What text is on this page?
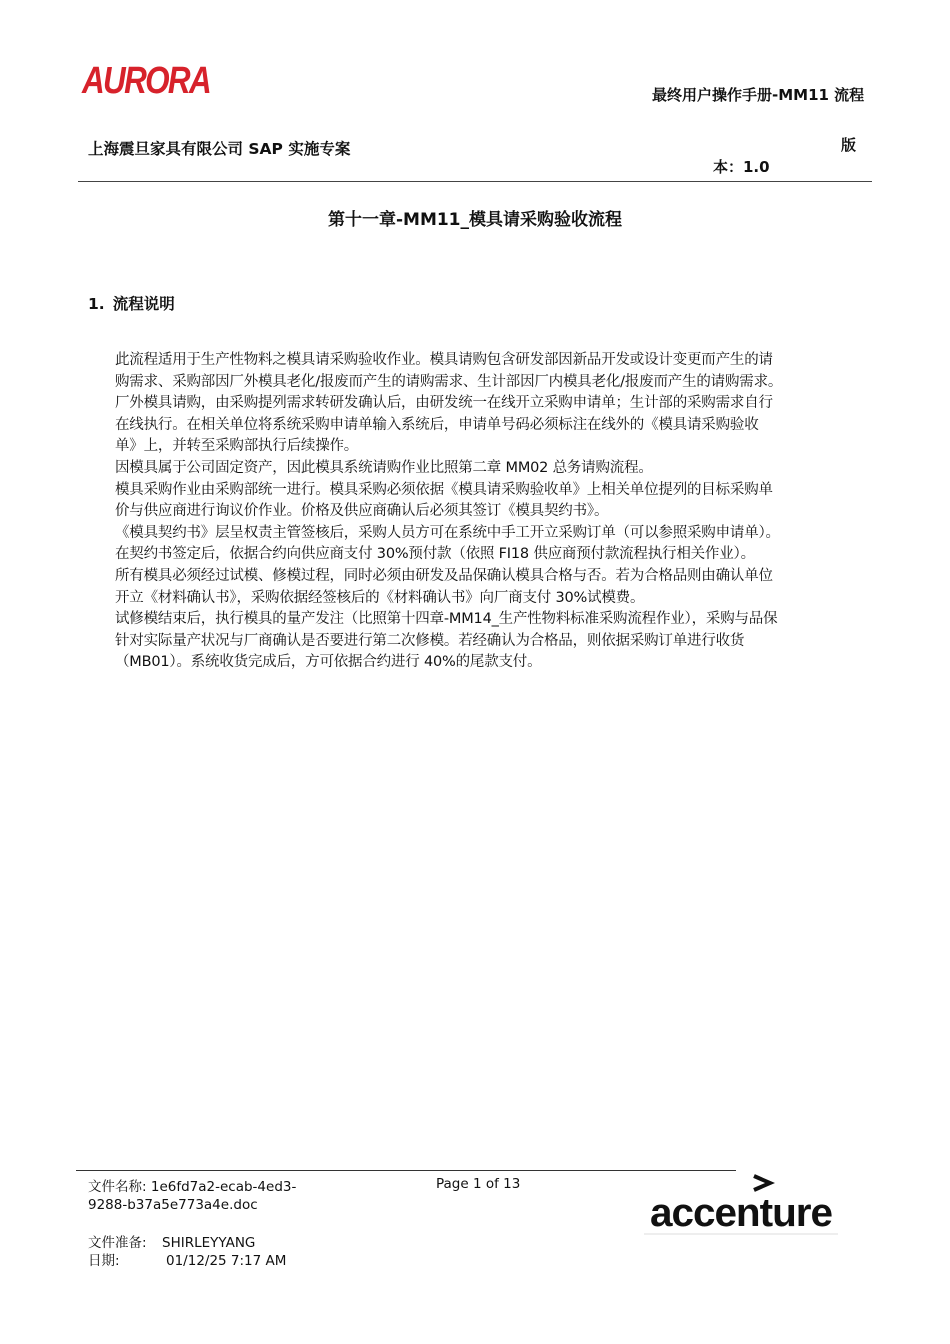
AURORA	最终用户操作手册-MM11 流程
上海震旦家具有限公司 SAP 实施专案	版
本：1.0
第十一章-MM11_模具请采购验收流程
1. 流程说明
此流程适用于生产性物料之模具请采购验收作业。模具请购包含研发部因新品开发或设计变更而产生的请
购需求、采购部因厂外模具老化/报废而产生的请购需求、生计部因厂内模具老化/报废而产生的请购需求。
厂外模具请购，由采购提列需求转研发确认后，由研发统一在线开立采购申请单；生计部的采购需求自行
在线执行。在相关单位将系统采购申请单输入系统后，申请单号码必须标注在线外的《模具请采购验收
单》上，并转至采购部执行后续操作。
因模具属于公司固定资产，因此模具系统请购作业比照第二章 MM02 总务请购流程。
模具采购作业由采购部统一进行。模具采购必须依据《模具请采购验收单》上相关单位提列的目标采购单
价与供应商进行询议价作业。价格及供应商确认后必须其签订《模具契约书》。
《模具契约书》层呈权责主管签核后，采购人员方可在系统中手工开立采购订单（可以参照采购申请单）。
在契约书签定后，依据合约向供应商支付 30%预付款（依照 FI18 供应商预付款流程执行相关作业）。
所有模具必须经过试模、修模过程，同时必须由研发及品保确认模具合格与否。若为合格品则由确认单位
开立《材料确认书》，采购依据经签核后的《材料确认书》向厂商支付 30%试模费。
试修模结束后，执行模具的量产发注（比照第十四章-MM14_生产性物料标准采购流程作业），采购与品保
针对实际量产状况与厂商确认是否要进行第二次修模。若经确认为合格品，则依据采购订单进行收货
（MB01）。系统收货完成后，方可依据合约进行 40%的尾款支付。
文件名称: 1e6fd7a2-ecab-4ed3-
9288-b37a5e773a4e.doc
Page 1 of 13
文件准备:	SHIRLEYYANG
日期:	01/12/25 7:17 AM
accenture
